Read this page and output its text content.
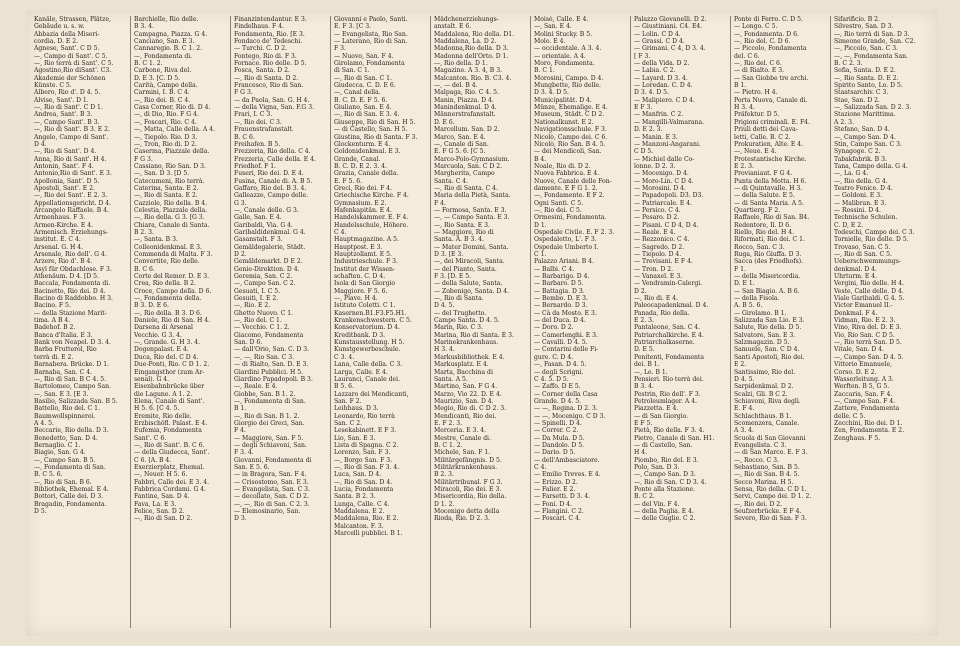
Kanäle, Strassen, Plätze,
Gebäude u. s. w.
Abbazia della Miseri-
cordia. D. E 2.
Agnese, Sant'. C D 5.
—, Campo di Sant'. C 5.
—, Rio terrà di Sant'. C 5.
Agostino,Rio diSant'. C3.
Akademie der Schönen
Künste. C 5.
Albero, Rio d'. D 4. 5.
Alvise, Sant'. D 1.
—, Rio di Sant'. C D 1.
Andrea, Sant'. B 3.
—, Campo Sant'. B 3.
—, Rio di Sant'. B 3. E 2.
Angelo, Campo di Sant'.
D 4.
—, Rio di Sant'. D 4.
Anna, Rio di Sant'. H 4.
Antonin, Sant'. F 4.
Antonio,Rio di Sant'. E 3.
Apollonia, Sant'. D 5.
Apostoli, Sant'. E 2.
—, Rio dei Sant'. E 2. 3.
Appellationsgericht. D 4.
Arcangelo Raffaele. B 4.
Armenhaus. F 3.
Armen-Kirche. E 4.
Armenisch. Erziehungs-
institut. E. C 4.
Arsenal. G. H 4.
Arsenale, Rio dell'. G 4.
Arzere, Rio d'. B 4.
Asyl für Obdachlose. F 3.
Athenäum. D 4. [D 5.
Baccala, Fondamenta di.
Bacinetto, Rio dei. D 4.
Bacino di Raddobbo. H 3.
Bacino. F 5.
— della Stazione Marit-
tima. A B 4.
Badehof. B 2.
Banca d'Italia. E 3.
Bank von Neapel. D 3. 4.
Barba Frutterol, Rio
terrà di. E 2.
Barnabera. Brücke. D 1.
Barnaba, San. C 4.
—, Rio di San. B C 4. 5.
Bartolomeo, Campo San.
—, San. E 3. [E 3.
Basilio, Salizzada San. B 5.
Battello, Rio del. C 1.
Baumwollspinnerei.
A 4. 5.
Beccarie, Rio della. D 3.
Benedetto, San. D 4.
Bernaglio. C 1.
Biagio, San. G 4.
—, Campo San. B 5.
—, Fondamenta di San.
B. C 5. 6.
—, Rio di San. B 6.
Bibliothek, Ehemal. E 4.
Bottori, Calle dei. D 3.
Bragadin, Fondamenta.
D 5.
Barchielle, Rio delle.
B 3. 4.
Campagna, Piazza. G 4.
Canciano, San. E 3.
Cannaregio. B. C 1. 2.
—, Fondamenta di.
B. C 1. 2.
Carbone, Riva del.
D. E 3. [C. D 5.
Carità, Campo della.
Carmini, I. B. C 4.
—, Rio dei. B. C 4.
Casa Corner, Rio di. D 4.
—, di Dio, Rio. F G 4.
—, Foscari, Rio. C 4.
—, Matta, Calle della. A 4.
—, Tiepolo. Rio. D 3.
—, Tron, Rio di. D 2.
Caserma, Piazzale della.
F G 3.
Cassiano, Rio San. D 3.
—, San. D 3. [D 5.
Catecumeni, Rio terrà.
Caterina, Santa. E 2.
—, Rio di Santa. E 2.
Cazziole, Rio della. B 4.
Celestia, Piazzale della.
—, Rio della. G 3. [G 3.
Chiara, Canale di Santa.
B 2. 3.
—, Santa. B 3.
Colleonidenkmal. E 3.
Commenda di Malta. F 3.
Convertite, Rio delle.
B. C 6.
Corte del Remer. D. E 3.
Crea, Rio della. B 2.
Croce, Campo della. D 6.
—, Fondamenta della.
B 3. D. E 6.
—, Rio della. B 3. D 6.
Daniele, Rio di San. H 4.
Darsena di Arsenal
Vecchio. G 3. 4.
—, Grande. G. H 3. 4.
Dogenpalast. E 4.
Duca, Rio del. C D 4.
Due-Ponti, Rio. C D 1. 2.
Eingangsthor (zum Ar-
senal). G 4.
Eisenbahnbrücke über
die Lagune. A 1. 2.
Elena, Canale di Sant'.
H 5. 6. [C 4. 5.
Eremite, Rio delle.
Erzbischöfl. Palast. E 4.
Eufemia, Fondamenta
Sant'. C 6.
—, Rio di Sant'. B. C 6.
— della Giudecca, Sant'.
C 6. [A. B 4.
Exerzierplatz, Ehemal.
—, Neuer. H 5. 6.
Fabbri, Calle dei. E 3. 4.
Fabbrica Cordami. G 4.
Fantine, San. D 4.
Fava, La. E 3.
Felice, San. D 2.
—, Rio di San. D 2.
Finanzintendantur. E 3.
Findelhaus. F 4.
Fondamenta, Rio. [E 3.
Fondaco de' Tedeschi.
— Turchi. C. D 2.
Fontego, Rio di. F 3.
Fornace. Rio delle. D 5.
Fosca, Santa. D 2.
—, Rio di Santa. D 2.
Francesco, Rio di San.
F G 3.
— da Paola, San. G. H 4.
— della Vigna, San. F.G 3.
Frari, I. C 3.
—, Rio dei. C 3.
Frauenstrafanstalt.
B. C 6.
Freihafen. B 5.
Frezzeria, Rio della. C 4.
Frezzeria, Calle della. E 4.
Friedhof. F 1.
Fuseri, Rio dei. D. E 4.
Fusina, Canale di. A. B 5.
Gaffaro, Rio del. B 3. 4.
Galleazze, Campo delle.
G 3.
—, Canale delle. G 3.
Galle, San. E 4.
Garibaldi, Via. G 4.
Garibaldidenkmal. G 4.
Gasanstalt. F 3.
Gemäldegalerie, Städt.
D 2.
Gemäldemarkt. D E 2.
Genie-Direktion. D 4.
Geremia, San. C 2.
—, Campo San. C 2.
Gesuati, I. C 5.
Gesuiti, I. E 2.
—, Rio. E 2.
Ghetto Nuovo. C 1.
—, Rio del. C 1.
— Vecchio. C 1. 2.
Giacomo, Fondamenta
San. D 6.
— dall'Orio, San. C. D 3.
—, —, Rio San. C 3.
— di Rialto, San. D. E 3.
Giardini Pubblici. H 5.
Giardino Papadopoli. B 3.
—, Reale. E 4.
Giobbe, San. B 1. 2.
—, Fondamenta di San.
B 1.
—, Rio di San. B 1. 2.
Giorgio dei Greci, San.
F 4.
— Maggiore, San. F 5.
— degli Schiavoni, San.
F 3. 4.
Giovanni, Fondamenta di
San. E 5. 6.
— in Bragora, San. F 4.
— Crisostomo, San. E 3.
— Evangelista, San. C 3.
— decollato, San. C D 2.
—, —, Rio di San. C 2. 3.
— Elemosinario, San.
D 3.
Giovanni e Paolo, Santi.
E. F 3. [C 3.
— Evangelista, Rio San.
— Laterano, Rio di San.
F 3.
— Nuovo, San. F 4.
Girolamo, Fondamenta
di San. C 1.
—, Rio di San. C 1.
Giudecca. C. D. E 6.
—, Canal della.
B. C. D. E. F 5. 6.
Giuliano, San. E 4.
—, Rio di San. E 3. 4.
Giuseppe, Rio di San. H 5.
— di Castello, San. H 5.
Giustina, Rio di Santa. F 3.
Glockenturm. E 4.
Goldonidenkmal. E 3.
Grande, Canal.
B. C. D. E 2. 3. 4.
Grazia, Canale della.
E. F 5. 6.
Greci, Rio dei. F 4.
Griechische Kirche. F 4.
Gymnasium. E 2.
Hafenkapitän. E 4.
Handelskammer. E. F 4.
Handelsschule, Höhere.
C 4.
Hauptmagazine. A 5.
Hauptpost. E 3.
Hauptzollamt. E 5.
Industrieschule. F 3.
Institut der Wissen-
schaften. C. D 4.
Isola di San Giorgio
Maggiore. F 5. 6.
—, Piave. H 4.
Istituto Coletti. C 1.
Kasernen.B1.F3.F5.H1.
Krankenschwestern. C 5.
Konservatorium. D 4.
Kreditbank. D 3.
Kunstausstellung. H 5.
Kunstgewerbeschule.
C 3. 4.
Lana, Calle della. C 3.
Larga, Calle. E 4.
Lauranci, Canale dei.
B 5. 6.
Lazzaro dei Mendicanti,
San. F 2.
Leihhaus. D 3.
Leonardo, Rio terrà
San. C 2.
Lesekabinett. E F 3.
Lio, San. E 3.
Lista di Spagna. C 2.
Lorenzo, San. F 3.
—, Borgo San. F 3.
—, Rio di San. F 3. 4.
Luca, San. D 4.
—, Rio di San. D 4.
Lucia, Fondamenta
Santa. B 2. 3.
Lunga, Calle. C 4.
Maddalena. E 2.
Maddalena, Rio. E 2.
Malcanton. F. 3.
Marcelli pubblici. B 1.
Mädchenerziehungs-
anstalt. E 6.
Maddalena, Rio della. D1.
Maddalena, La. D 2.
Madonna,Rio della. D 3.
Madonna dell'Orto. D 1.
—, Rio della. D 1.
Magazine. A 3. 4, B 3.
Malcanton. Rio. B. C3. 4.
—, — del. B 4.
Malpaga, Rio. C 4. 5.
Manin, Piazza. D 4.
Manindenkmal. D 4.
Männerstrafanstalt.
D. E 6.
Marcellum. San. D 2.
Marco, San. E 4.
—, Canale di San.
E. F G 5. 6. [C 5.
Marco-Polo-Gymnasium.
Marcuola, San. C D 2.
Margherita, Campo
Santa. C 4.
—, Rio di Santa. C 4.
Maria della Pietà, Santa.
F 4.
— Formosa, Santa. E 3.
—, — Campo Santa. E 3.
—, Rio Santa. E 3.
— Maggiore, Rio di
Santa. A. B 3. 4.
— Mater Domini, Santa.
D 3. [E 3.
—, dei Miracoli, Santa.
— del Pianto, Santa.
F 3. [D. E 5.
— della Salute, Santa.
— Zobenigo, Santa. D 4.
—, Rio di Santa.
D 4. 5.
— del Trughetto.
Campo Santa. D 4. 5.
Marin, Rio. C 3.
Marina, Rio di Santa. E 3.
Marinekrankenhaus.
H 3. 4.
Markusbibliothek. E 4.
Markusplatz. E 4.
Marta, Bacchina di
Santa. A 5.
Martino, San. F G 4.
Marzo, Vio 22. D. E 4.
Maurizio, San. D 4.
Megio, Rio di. C D 2. 3.
Mendicanti, Rio dei.
E. F 2. 3.
Merceria. E 3. 4.
Mestre, Canale di.
B. C 1. 2.
Michele, San. F 1.
Militärgefängnis. D 5.
Militärkrankenhaus.
B 2. 3.
Militärtribunal. F G 3.
Miracoli, Rio dei. E 3.
Misericordia, Rio della.
D 1. 2.
Mocenigo detta della
Rioda, Rio. D 2. 3.
Moisè, Calle. E 4.
—, San. E 4.
Molini Stucky. B 5.
Molo. E 4.
— occidentale. A 3. 4.
— orientale. A 4.
Moro, Fondamenta.
B. C 1.
Morosini, Campo. D 4.
Mungbette, Rio delle.
D 3. 4. D 5.
Municipalität. D 4.
Münze, Ehemalige. E 4.
Museum, Städt. C D 2.
Nationalkunst. E 2.
Navigationsschule. F 3.
Nicolò, Campo dei. C 6.
Nicolò, Rio San. B 4. 5.
— dei Mendicoli, San.
B 4.
Noale, Rio di. D 2.
Nuova Fabbrica. E 4.
Nuove, Canale delle Fon-
damente. E F G 1. 2.
—, Fondamente. E F 2.
Ogni Santi. C 5.
—, Rio dei. C 5.
Ormesini, Fondamenta.
D 1.
Ospedale Civile. E. F 2. 3.
Ospedaletto, L'. F 3.
Ospedale Umberto I.
C 1.
Palazzo Ariani. B 4.
— Balbi. C 4.
— Barbarigo. D 4.
— Barbaro. D 5.
— Battagia. D 3.
— Bembo. D. E 3.
— Bernardo. D 3.
— Cà da Mosto. E 3.
— del Duca. D 4.
— Doro. D 2.
— Camerlenghi. E 3.
— Cavalli. D 4. 5.
— Contarini delle Fi-
gure. C. D 4.
—, Fasan. D 4. 5.
— degli Scrigni.
C 4. 5. D 5.
— Zaffo. D E 5.
— Corner della Casa
Grande. D 4. 5.
— —, Regina. D 2. 3.
— —, Mocenigo. C D 3.
— Spinelli. D 4.
— Correr. C 2.
— Da Mula. D 5.
— Dandolo. D 5.
— Dario. D 5.
— dell'Ambasciatore.
C 4.
— Emilio Treves. E 4.
— Erizzo. D 2.
— Falier. E 2.
— Farsetti. D 3. 4.
— Foni. D 4.
— Flangini. C 2.
— Foscari. C 4.
Palazzo Giovanelli. D 2.
— Giustiniani. C4. E4.
— Lolin. C D 4.
— Grassi. C D 4.
— Grimani. C 4, D 3. 4.
[ F 3.
— della Vida. D 2.
— Labia. C 2.
— Layard. D 3. 4.
— Loredan. C. D 4.
D 3. 4. D 5.
— Malipiero. C D 4.
E F 3.
— Manfrin. C 2.
— Mangilli-Valmarana.
D. E 2. 3.
— Manin. E 3.
— Manzoni-Angarani.
C D 5.
— Michiel dalle Co-
lonne. D 2. 3.
— Mocenigo. D 4.
— Moro-Lin. C D 4.
— Morosini. D 4.
— Papadopoli. D3. D3.
— Patriarcale. E 4.
— Persico. C 4.
— Pesaro. D 2.
— Pisani. C D 4, D 4.
— Reale. E 4.
— Rezzonico. C 4.
— Sagredo. D 2.
— Tiepolo. D 4.
— Trevisani. E F 4.
— Tron. D 2.
— Vanaxel. E 3.
— Vendramin-Calergi.
D 2.
—, Rio di. E 4.
Paleocapadenkmal. D 4.
Panada, Rio della.
E 2. 3.
Pantaleone, San. C 4.
Patriarchalkirche. E 4.
Patriarchalkaserne.
D. E 5.
Penitenti, Fondamenta
dei. B 1.
—, Le. B 1.
Pensieri. Rio terrà dei.
B 3. 4.
Pestrin, Rio dell'. F 3.
Petroleumlager. A 4.
Piazzetta. E 4.
— di San Giorgio.
E F 5.
Pietà, Rio della. F 3. 4.
Pietro, Canale di San. H1.
— di Castello, San.
H 4.
Piombo, Rio del. E 3.
Polo, San. D 3.
—, Campo San. D 3.
—, Rio di San. C D 3. 4.
Ponte alla Stazione.
B. C 2.
— del Vin. F 4.
— della Paglia. E 4.
— delle Guglie. C 2.
Ponte di Ferro. C. D 5.
— Longo. C 5.
—, Fondamenta. D 6.
—, Rio del. C. D 6.
— Piccolo, Fondamenta
del. C 6.
—, Rio del. C 6.
— di Rialto. E 3.
— San Giobbe tre archi.
B 1.
— Pietro. H 4.
Porta Nuova, Canale di.
H 3. 4.
Präfektur. D 5.
Prigioni criminali. E. F4.
Priuli detti dei Cava-
letti, Calle. B. C 2.
Prokuratien, Alte. E 4.
—, Neue. E 4.
Protestantische Kirche.
E 2. 3.
Provianiaut. F G 4.
Punta della Motta. H 6.
— di Quintavalle. H 3.
— della Salute. E 5.
— di Santa Maria. A 5.
Quartierg. F 2.
Raffaele, Rio di San. B4.
Redentore, Il. D 6.
Riello, Rio del. H 4.
Riformati, Rio dei. C 1.
Rocco, San. C 3.
Ruga, Rio Giuffa. D 3.
Sacca (des Friedhofs).
F 1.
— della Misericordia.
D. E 1.
— San Biagio. A. B 6.
— della Fisola.
A. B 5. 6.
— Girolamo. B 1.
Salizzada San Lio. E 3.
Salute, Rio della. D 5.
Salvatore, San. E 3.
Salzmagazin. D 5.
Samuele, San. C D 4.
Santi Apostoli, Rio dei.
E 2.
Santissimo, Rio del.
D 4. 5.
Sarpidenkmal. D 2.
Scalzi, Gli. B C 2.
Schiavoni, Riva degli.
E. F 4.
Schlachthaus. B 1.
Scomenzera, Canale.
A 3. 4.
Scuola di San Giovanni
Evangelista. C 3.
— di San Marco. E. F 3.
—, Rocco. C 3.
Sebastiano, San. B 5.
—, Rio di San. B 4. 5.
Secco Marina. H 5.
Sensa, Rio della. C D 1.
Servi, Campo dei. D 1. 2.
—, Rio dei. D 2.
Seufzerbrücke. E F 4.
Severo, Rio di San. F 3.
Sifarificio. B 2.
Silvestro, San. D 3.
—, Rio terrà di San. D 3.
Simeone Grande, San. C2.
—, Piccolo, San. C 3.
—, —, Fondamenta San.
B. C 2. 3.
Sofia, Santa. D. E 2.
—, Rio Santa. D. E 2.
Spirito Santo, Lo. D 5.
Staatsarchiv. C 3.
Stae, San. D 2.
—, Salizzada San. D 2. 3.
Stazione Marittima.
A 2. 3.
Stefano, San. D 4.
—, Campo San. D 4.
Stin, Campo San. C 3.
Synagoge. C 2.
Tabakfabrik. B 3.
Tana, Campo della. G 4.
—, La. G 4.
—, Rio della. G 4.
Teatro Fenice. D 4.
— Goldoni. E 3.
— Malibran. E 3.
— Rossini. D 4.
Technische Schulen.
C. D, E 2.
Todeschi, Campo dei. C 3.
Tornielle, Rio delle. D 5.
Trovaso, San. C 5.
—, Rio di San. C 5.
Ueberschwemmungs-
denkmal. D 4.
Uhrturm. E 4.
Vergini, Rio delle. H 4.
Veste, Calle delle. D 4.
Viale Garibaldi. G 4. 5.
Victor Emanuel II.-
Denkmal. F 4.
Vidman, Rio. E 2. 3.
Vino, Riva del. D. E 3.
Vio, Rio San. C D 5.
—, Rio terrà San. D 5.
Vitale, San. D 4.
—, Campo San. D 4. 5.
Vittorio Emanuele,
Corso. D. E 2.
Wasserleitung. A 3.
Werften. B 5, G 5.
Zaccaria, San. F 4.
—, Campo San. F 4.
Zattere, Fondamenta
delle. C 5.
Zecchini, Rio dei. D 1.
Zen, Fondamenta. E 2.
Zenghaus. F 5.
